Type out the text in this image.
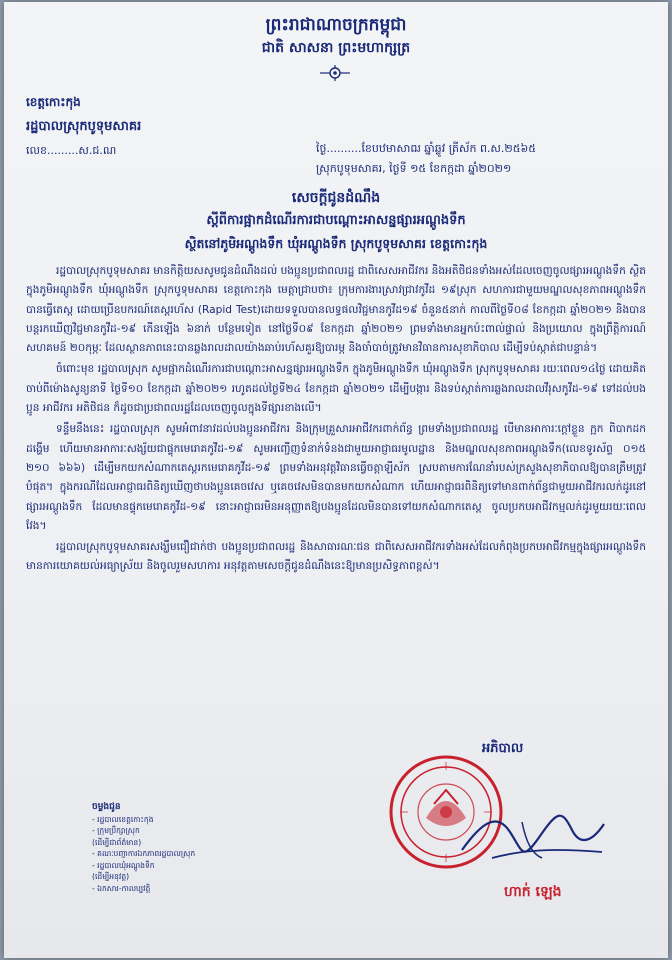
ព្រះរាជាណាចក្រកម្ពុជា
ជាតិ សាសនា ព្រះមហាក្សត្រ
ខេត្តកោះកុង
រដ្ឋបាលស្រុកបូទុមសាគរ
លេខ.........ស.ជ.ណ	ថ្ងៃ..........ខែបឋមាសាឍ ឆ្នាំឆ្លូវ ត្រីស័ក ព.ស.២៥៦៥
ស្រុកបូទុមសាគរ, ថ្ងៃទី ១៥ ខែកក្កដា ឆ្នាំ២០២១
សេចក្តីជូនដំណឹង
ស្តីពីការផ្អាកដំណើរការជាបណ្តោះអាសន្នផ្សារអណ្តូងទឹក
ស្ថិតនៅភូមិអណ្តូងទឹក ឃុំអណ្តូងទឹក ស្រុកបូទុមសាគរ ខេត្តកោះកុង

រដ្ឋបាលស្រុកបូទុមសាគរ មានកិត្តិយសសូមជូនដំណឹងដល់ បងប្អូនប្រជាពលរដ្ឋ ជាពិសេសអាជីវករ និងអតិថិជនទាំងអស់ដែលចេញចូលផ្សារអណ្តូងទឹក ស្ថិតក្នុងភូមិអណ្តូងទឹក ឃុំអណ្តូងទឹក ស្រុកបូទុមសាគរ ខេត្តកោះកុង មេត្តាជ្រាបថា៖ ក្រុមការងារស្រាវជ្រាវកូវីដ ១៩ស្រុក សហការជាមួយមណ្ឌលសុខភាពអណ្តូងទឹក បានធ្វើតេស្ត ដោយប្រើឧបករណ៍តេស្តរហ័ស (Rapid Test)ដោយទទួលបានលទ្ធផលវិជ្ជមានកូវីដ១៩ ចំនួន៥នាក់ កាលពីថ្ងៃទី០៨ ខែកក្កដា ឆ្នាំ២០២១ និងបានបន្តរកឃើញវិជ្ជមានកូវីដ-១៩ កើនឡើង ៦នាក់ បន្ថែមទៀត នៅថ្ងៃទី០៩ ខែកក្កដា ឆ្នាំ២០២១ ព្រមទាំងមានអ្នកប៉ះពាល់ផ្ទាល់ និងប្រយោល ក្នុងព្រឹត្តិការណ៍សហគមន៍ ២០កុម្ភៈ ដែលស្ថានភាពនេះបានឆ្លងរាលដាលយ៉ាងឆាប់រហ័សគួរឱ្យបារម្ភ និងចាំបាច់ត្រូវមានវិធានការសុខាភិបាល ដើម្បីទប់ស្កាត់ជាបន្ទាន់។

ចំពោះមុខ រដ្ឋបាលស្រុក សូមផ្អាកដំណើរការជាបណ្តោះអាសន្នផ្សារអណ្តូងទឹក ក្នុងភូមិអណ្តូងទឹក ឃុំអណ្តូងទឹក ស្រុកបូទុមសាគរ រយៈពេល១៤ថ្ងៃ ដោយគិត ចាប់ពីម៉ោងសូន្យនាទី ថ្ងៃទី១០ ខែកក្កដា ឆ្នាំ២០២១ រហូតដល់ថ្ងៃទី២៤ ខែកក្កដា ឆ្នាំ២០២១ ដើម្បីបង្ការ និងទប់ស្កាត់ការឆ្លងរាលដាលវីរុសកូវីដ-១៩ ទៅដល់បងប្អូន អាជីវករ អតិថិជន ក៏ដូចជាប្រជាពលរដ្ឋដែលចេញចូលក្នុងទីផ្សារខាងលើ។

ទន្ទឹមនឹងនេះ រដ្ឋបាលស្រុក សូមអំពាវនាវដល់បងប្អូនអាជីវករ និងក្រុមគ្រួសារអាជីវករពាក់ព័ន្ធ ព្រមទាំងប្រជាពលរដ្ឋ បើមានអាការៈក្តៅខ្លួន ក្អក ពិបាកដកដង្ហើម ហើយមានអាការៈសង្ស័យជាផ្ទុកមេរោគកូវីដ-១៩ សូមអញ្ជើញទំនាក់ទំនងជាមួយអាជ្ញាធរមូលដ្ឋាន និងមណ្ឌលសុខភាពអណ្តូងទឹក(លេខទូរស័ព្ទ ០១៥ ២១០ ៦៦៦) ដើម្បីមកយកសំណាកតេស្តរកមេរោគកូវីដ-១៩ ព្រមទាំងអនុវត្តវិធានធ្វើចត្តាឡីស័ក ស្របតាមការណែនាំរបស់ក្រសួងសុខាភិបាលឱ្យបានត្រឹមត្រូវបំផុត។ ក្នុងករណីដែលអាជ្ញាធរពិនិត្យឃើញថាបងប្អូនគេចវេស ឬគេចវេសមិនបានមកយកសំណាក ហើយអាជ្ញាធរពិនិត្យទៅមានពាក់ព័ន្ធជាមួយអាជីវករលក់ដូរនៅផ្សារអណ្តូងទឹក ដែលមានផ្ទុកមេរោគកូវីដ-១៩ នោះអាជ្ញាធរមិនអនុញ្ញាតឱ្យបងប្អូនដែលមិនបានទៅយកសំណាកតេស្ត ចូលប្រកបអាជីវកម្មលក់ដូរមួយរយៈពេលវែង។

រដ្ឋបាលស្រុកបូទុមសាគរសង្ឃឹមជឿជាក់ថា បងប្អូនប្រជាពលរដ្ឋ និងសាធារណៈជន ជាពិសេសអាជីវករទាំងអស់ដែលកំពុងប្រកបអាជីវកម្មក្នុងផ្សារអណ្តូងទឹក មានការយោគយល់អធ្យាស្រ័យ និងចូលរួមសហការ អនុវត្តតាមសេចក្តីជូនដំណឹងនេះឱ្យមានប្រសិទ្ធភាពខ្ពស់។

អភិបាល
ហាក់ ឡេង
ចម្លងជូន
- រដ្ឋបាលខេត្តកោះកុង
- ក្រុមប្រឹក្សាស្រុក
(ដើម្បីជាព័ត៌មាន)
- គណៈបញ្ជាការឯកភាពរដ្ឋបាលស្រុក
- រដ្ឋបាលឃុំអណ្តូងទឹក
(ដើម្បីអនុវត្ត)
- ឯកសារ-កាលប្បវត្តិ
